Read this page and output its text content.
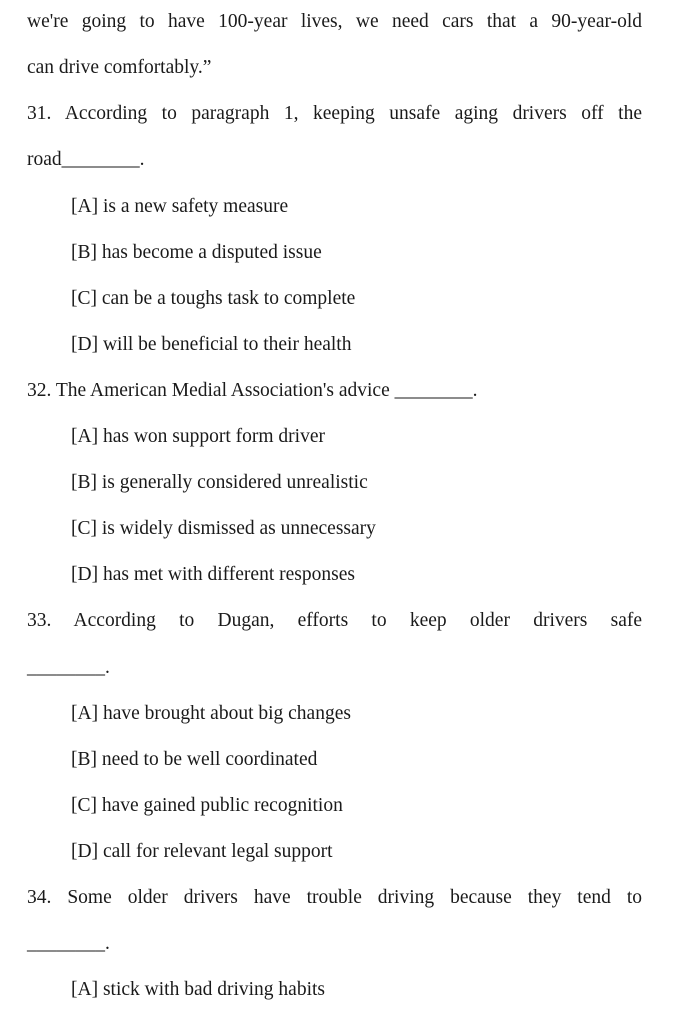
we're going to have 100-year lives, we need cars that a 90-year-old
can drive comfortably.”
31. According to paragraph 1, keeping unsafe aging drivers off the
road________.
[A] is a new safety measure
[B] has become a disputed issue
[C] can be a toughs task to complete
[D] will be beneficial to their health
32. The American Medial Association's advice ________.
[A] has won support form driver
[B] is generally considered unrealistic
[C] is widely dismissed as unnecessary
[D] has met with different responses
33. According to Dugan, efforts to keep older drivers safe
________.
[A] have brought about big changes
[B] need to be well coordinated
[C] have gained public recognition
[D] call for relevant legal support
34. Some older drivers have trouble driving because they tend to
________.
[A] stick with bad driving habits
